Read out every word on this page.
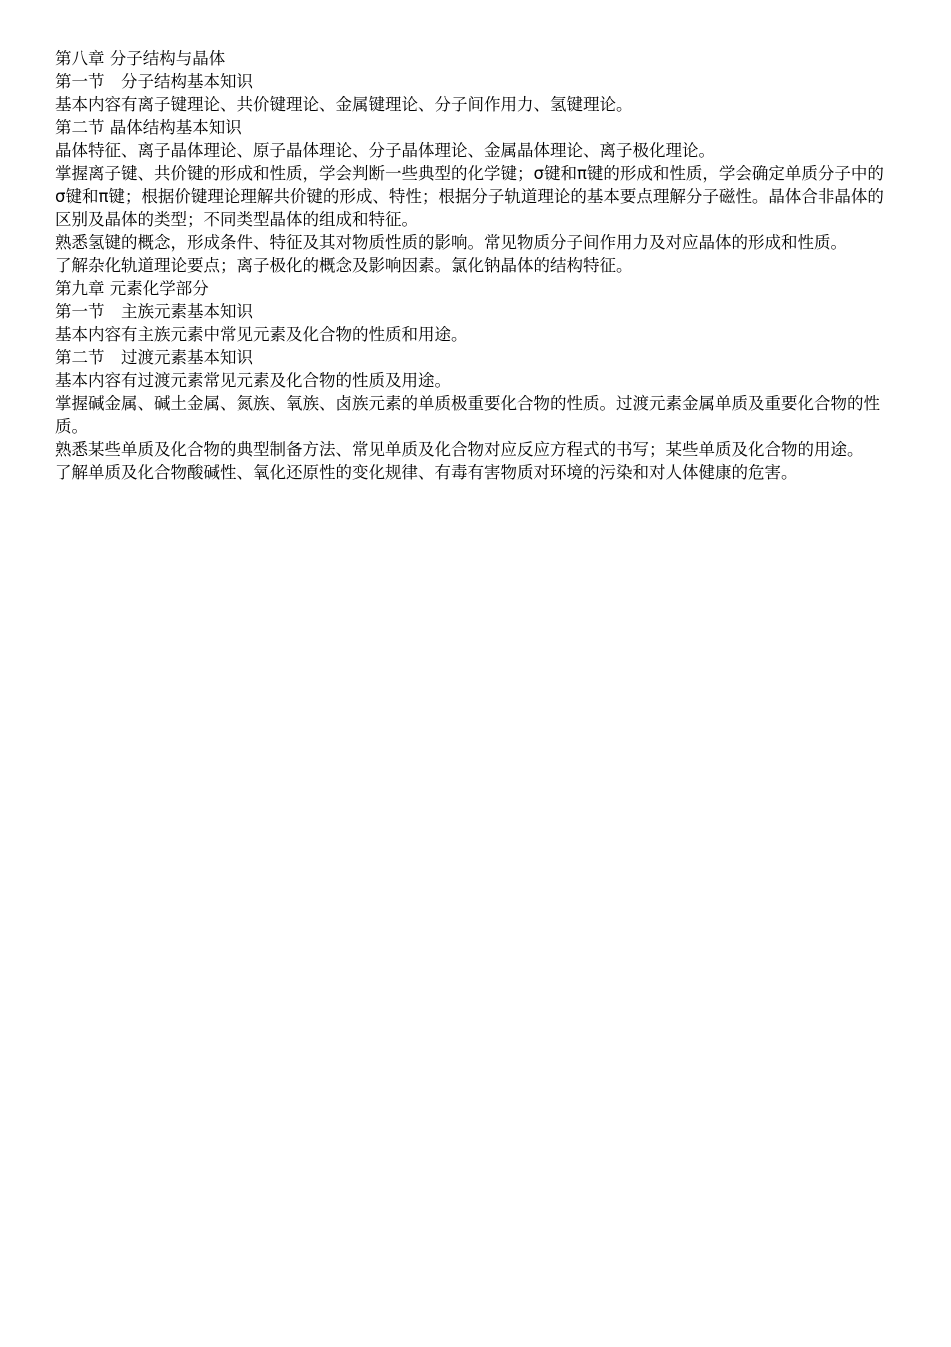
第八章 分子结构与晶体

第一节　分子结构基本知识

基本内容有离子键理论、共价键理论、金属键理论、分子间作用力、氢键理论。

第二节 晶体结构基本知识

晶体特征、离子晶体理论、原子晶体理论、分子晶体理论、金属晶体理论、离子极化理论。

掌握离子键、共价键的形成和性质，学会判断一些典型的化学键；σ键和π键的形成和性质，学会确定单质分子中的σ键和π键；根据价键理论理解共价键的形成、特性；根据分子轨道理论的基本要点理解分子磁性。晶体合非晶体的区别及晶体的类型；不同类型晶体的组成和特征。

熟悉氢键的概念，形成条件、特征及其对物质性质的影响。常见物质分子间作用力及对应晶体的形成和性质。

了解杂化轨道理论要点；离子极化的概念及影响因素。氯化钠晶体的结构特征。

第九章 元素化学部分

第一节　主族元素基本知识

基本内容有主族元素中常见元素及化合物的性质和用途。

第二节　过渡元素基本知识

基本内容有过渡元素常见元素及化合物的性质及用途。

掌握碱金属、碱土金属、氮族、氧族、卤族元素的单质极重要化合物的性质。过渡元素金属单质及重要化合物的性质。

熟悉某些单质及化合物的典型制备方法、常见单质及化合物对应反应方程式的书写；某些单质及化合物的用途。

了解单质及化合物酸碱性、氧化还原性的变化规律、有毒有害物质对环境的污染和对人体健康的危害。
